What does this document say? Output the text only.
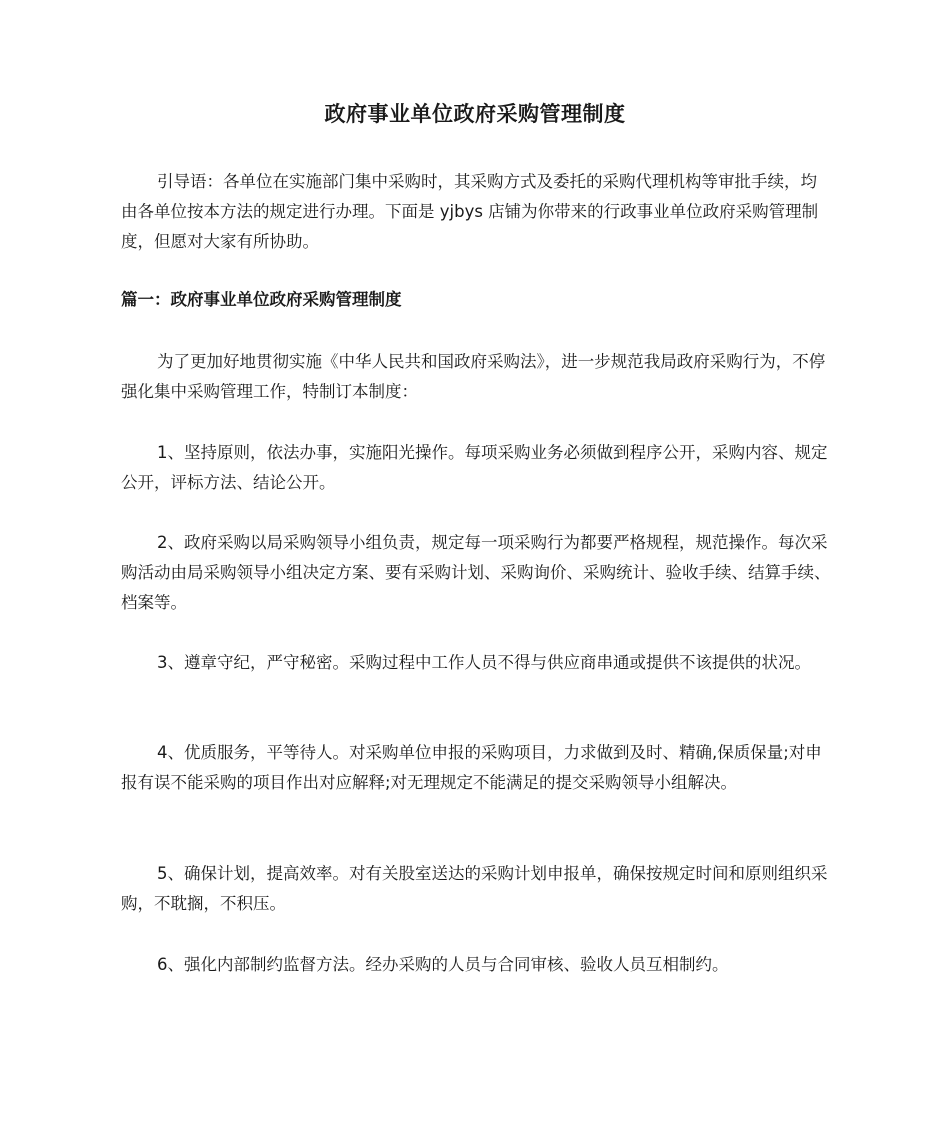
政府事业单位政府采购管理制度

引导语：各单位在实施部门集中采购时，其采购方式及委托的采购代理机构等审批手续，均由各单位按本方法的规定进行办理。下面是 yjbys 店铺为你带来的行政事业单位政府采购管理制度，但愿对大家有所协助。

篇一：政府事业单位政府采购管理制度

为了更加好地贯彻实施《中华人民共和国政府采购法》，进一步规范我局政府采购行为，不停强化集中采购管理工作，特制订本制度：

1、坚持原则，依法办事，实施阳光操作。每项采购业务必须做到程序公开，采购内容、规定公开，评标方法、结论公开。

2、政府采购以局采购领导小组负责，规定每一项采购行为都要严格规程，规范操作。每次采购活动由局采购领导小组决定方案、要有采购计划、采购询价、采购统计、验收手续、结算手续、档案等。

3、遵章守纪，严守秘密。采购过程中工作人员不得与供应商串通或提供不该提供的状况。

4、优质服务，平等待人。对采购单位申报的采购项目，力求做到及时、精确,保质保量;对申报有误不能采购的项目作出对应解释;对无理规定不能满足的提交采购领导小组解决。

5、确保计划，提高效率。对有关股室送达的采购计划申报单，确保按规定时间和原则组织采购，不耽搁，不积压。

6、强化内部制约监督方法。经办采购的人员与合同审核、验收人员互相制约。
